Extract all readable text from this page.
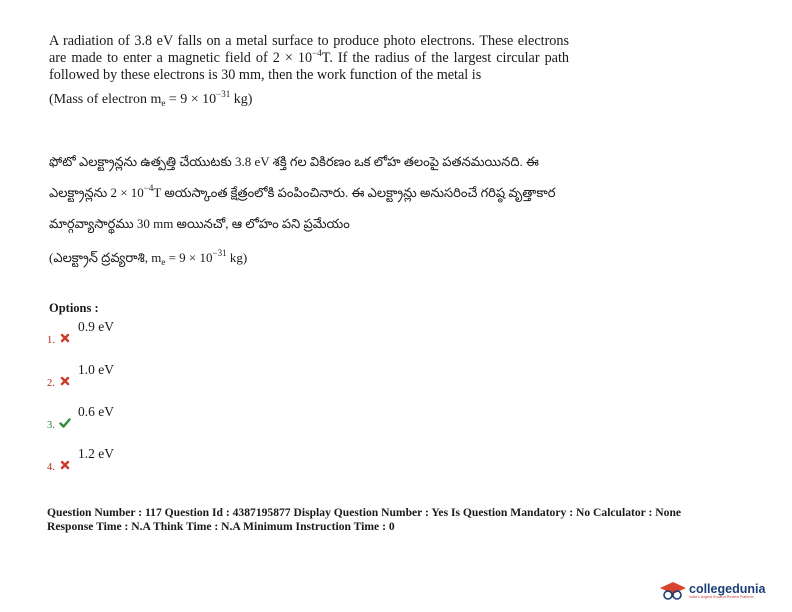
A radiation of 3.8 eV falls on a metal surface to produce photo electrons. These electrons are made to enter a magnetic field of $2 \times 10^{-4}T$. If the radius of the largest circular path followed by these electrons is 30 mm, then the work function of the metal is
(Mass of electron $m_e = 9 \times 10^{-31}$ kg)
ఫోటో ఎలక్ట్రాన్లను ఉత్పత్తి చేయుటకు 3.8 eV శక్తి గల వికిరణం ఒక లోహ తలంపై పతనమయినది. ఈ ఎలక్ట్రాన్లను $2 \times 10^{-4}T$ అయస్కాంత క్షేత్రంలోకి పంపించినారు. ఈ ఎలక్ట్రాన్లు అనుసరించే గరిష్ఠ వృత్తాకార మార్గవ్యాసార్థము 30 mm అయినచో, ఆ లోహం పని ప్రమేయం
(ఎలక్ట్రాన్ ద్రవ్యరాశి, $m_e = 9 \times 10^{-31}$ kg)
Options :
1.
0.9 eV
2.
1.0 eV
3.
0.6 eV
4.
1.2 eV
Question Number : 117 Question Id : 4387195877 Display Question Number : Yes Is Question Mandatory : No Calculator : None
Response Time : N.A Think Time : N.A Minimum Instruction Time : 0
collegedunia
India's largest Student Review Platform
